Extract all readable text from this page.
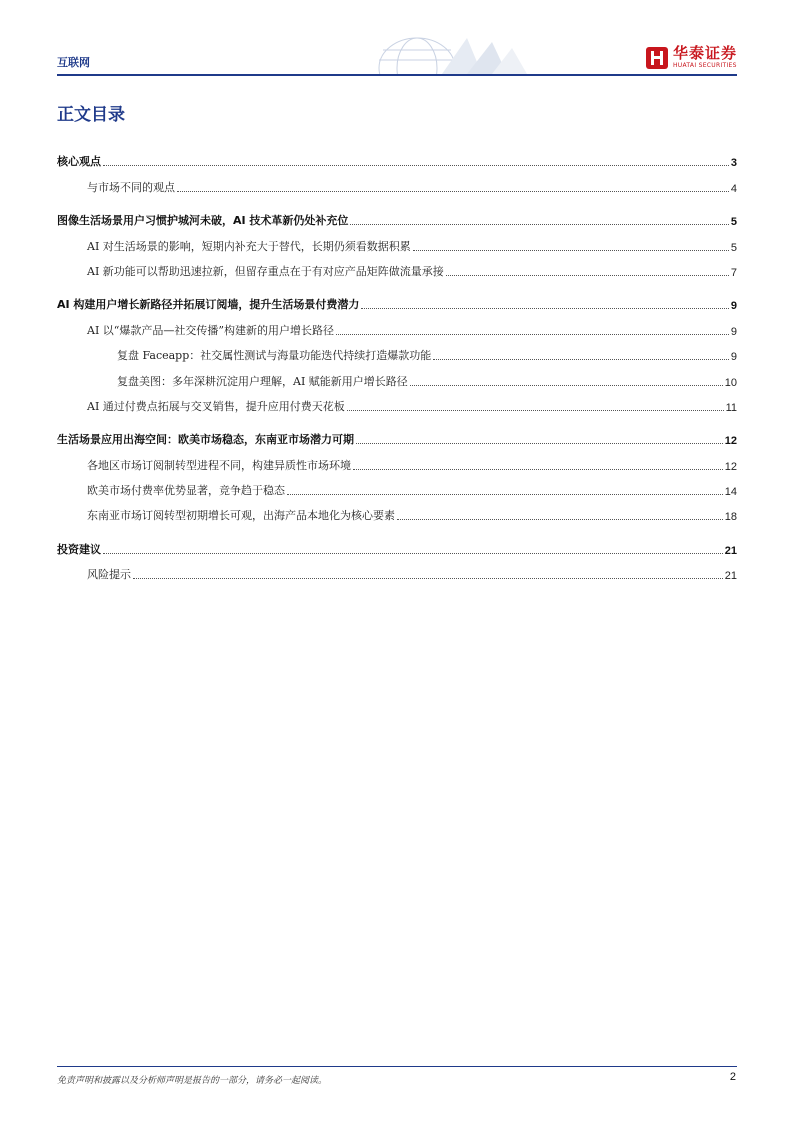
互联网
华泰证券
HUATAI SECURITIES
正文目录
核心观点	3
与市场不同的观点	4
图像生活场景用户习惯护城河未破，AI 技术革新仍处补充位	5
AI 对生活场景的影响，短期内补充大于替代，长期仍须看数据积累	5
AI 新功能可以帮助迅速拉新，但留存重点在于有对应产品矩阵做流量承接	7
AI 构建用户增长新路径并拓展订阅墙，提升生活场景付费潜力	9
AI 以“爆款产品—社交传播”构建新的用户增长路径	9
复盘 Faceapp：社交属性测试与海量功能迭代持续打造爆款功能	9
复盘美图：多年深耕沉淀用户理解，AI 赋能新用户增长路径	10
AI 通过付费点拓展与交叉销售，提升应用付费天花板	11
生活场景应用出海空间：欧美市场稳态，东南亚市场潜力可期	12
各地区市场订阅制转型进程不同，构建异质性市场环境	12
欧美市场付费率优势显著，竞争趋于稳态	14
东南亚市场订阅转型初期增长可观，出海产品本地化为核心要素	18
投资建议	21
风险提示	21
免责声明和披露以及分析师声明是报告的一部分，请务必一起阅读。	2
